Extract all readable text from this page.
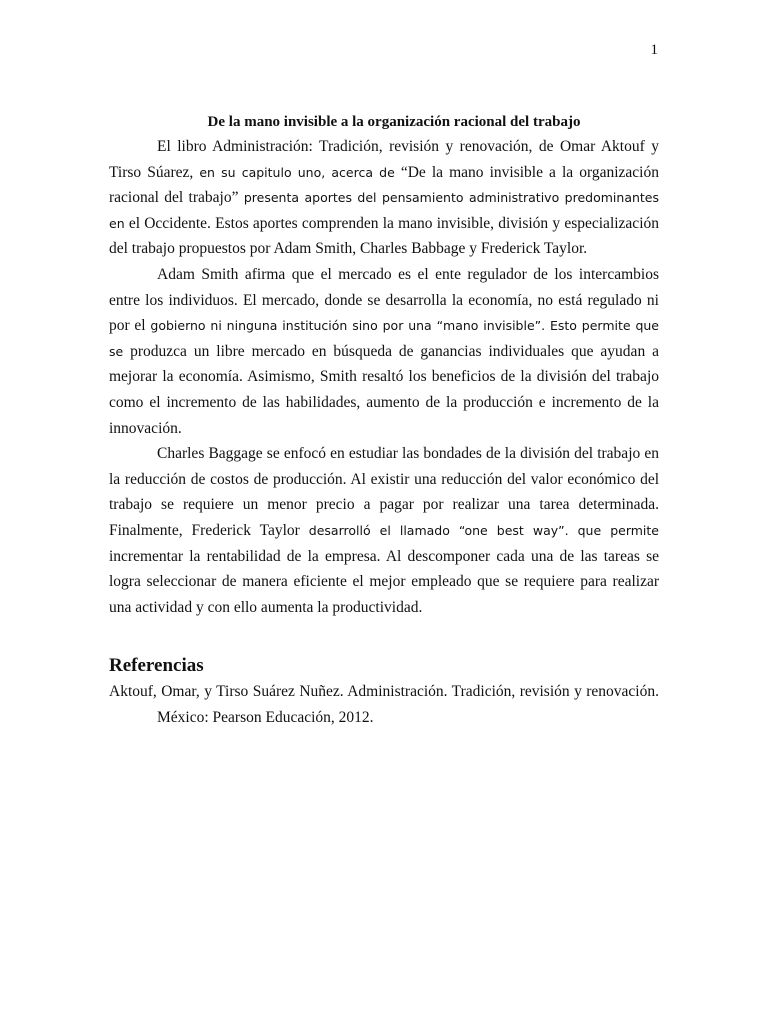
1

De la mano invisible a la organización racional del trabajo

El libro Administración: Tradición, revisión y renovación, de Omar Aktouf y Tirso Súarez, en su capitulo uno, acerca de “De la mano invisible a la organización racional del trabajo” presenta aportes del pensamiento administrativo predominantes en el Occidente. Estos aportes comprenden la mano invisible, división y especialización del trabajo propuestos por Adam Smith, Charles Babbage y Frederick Taylor.

Adam Smith afirma que el mercado es el ente regulador de los intercambios entre los individuos. El mercado, donde se desarrolla la economía, no está regulado ni por el gobierno ni ninguna institución sino por una “mano invisible”. Esto permite que se produzca un libre mercado en búsqueda de ganancias individuales que ayudan a mejorar la economía. Asimismo, Smith resaltó los beneficios de la división del trabajo como el incremento de las habilidades, aumento de la producción e incremento de la innovación.

Charles Baggage se enfocó en estudiar las bondades de la división del trabajo en la reducción de costos de producción. Al existir una reducción del valor económico del trabajo se requiere un menor precio a pagar por realizar una tarea determinada. Finalmente, Frederick Taylor desarrolló el llamado “one best way”. que permite incrementar la rentabilidad de la empresa. Al descomponer cada una de las tareas se logra seleccionar de manera eficiente el mejor empleado que se requiere para realizar una actividad y con ello aumenta la productividad.

Referencias

Aktouf, Omar, y Tirso Suárez Nuñez. Administración. Tradición, revisión y renovación. México: Pearson Educación, 2012.
